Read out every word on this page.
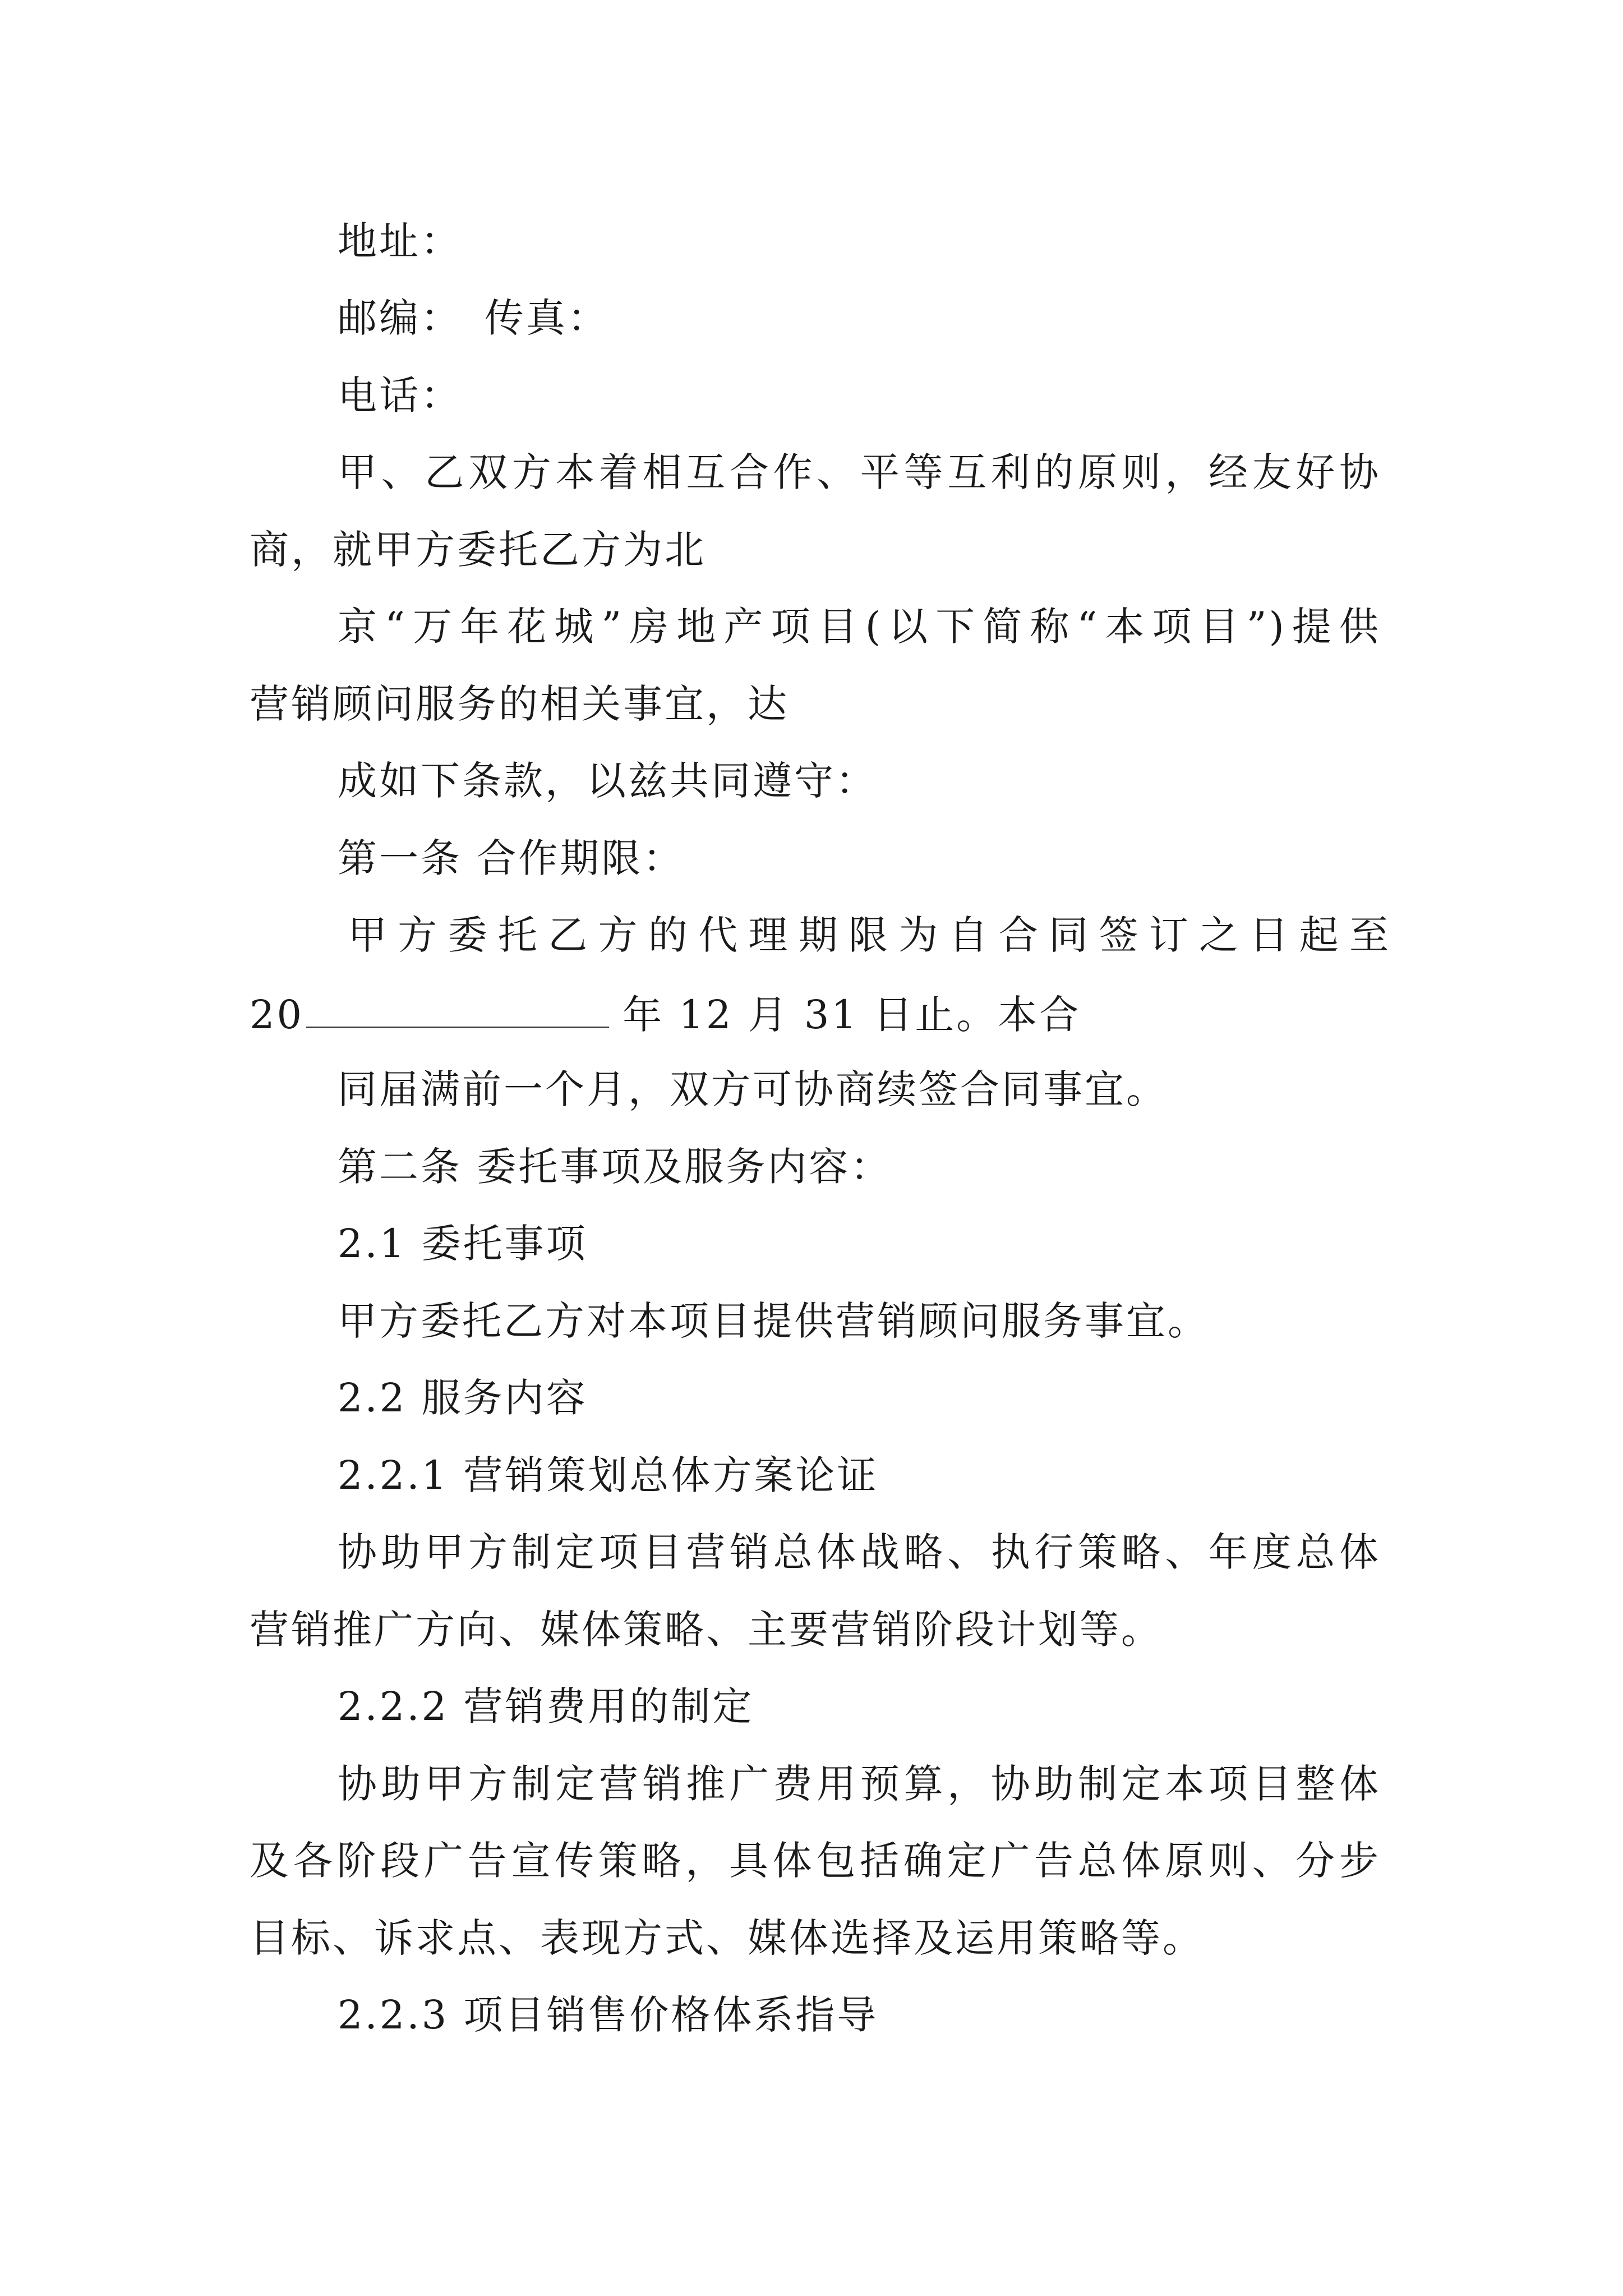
地址：
邮编： 传真：
电话：
甲、乙双方本着相互合作、平等互利的原则，经友好协
商，就甲方委托乙方为北
京“万年花城”房地产项目(以下简称“本项目”)提供
营销顾问服务的相关事宜，达
成如下条款，以兹共同遵守：
第一条 合作期限：
甲方委托乙方的代理期限为自合同签订之日起至
20	年 12 月 31 日止。本合
同届满前一个月，双方可协商续签合同事宜。
第二条 委托事项及服务内容：
2.1 委托事项
甲方委托乙方对本项目提供营销顾问服务事宜。
2.2 服务内容
2.2.1 营销策划总体方案论证
协助甲方制定项目营销总体战略、执行策略、年度总体
营销推广方向、媒体策略、主要营销阶段计划等。
2.2.2 营销费用的制定
协助甲方制定营销推广费用预算，协助制定本项目整体
及各阶段广告宣传策略，具体包括确定广告总体原则、分步
目标、诉求点、表现方式、媒体选择及运用策略等。
2.2.3 项目销售价格体系指导
